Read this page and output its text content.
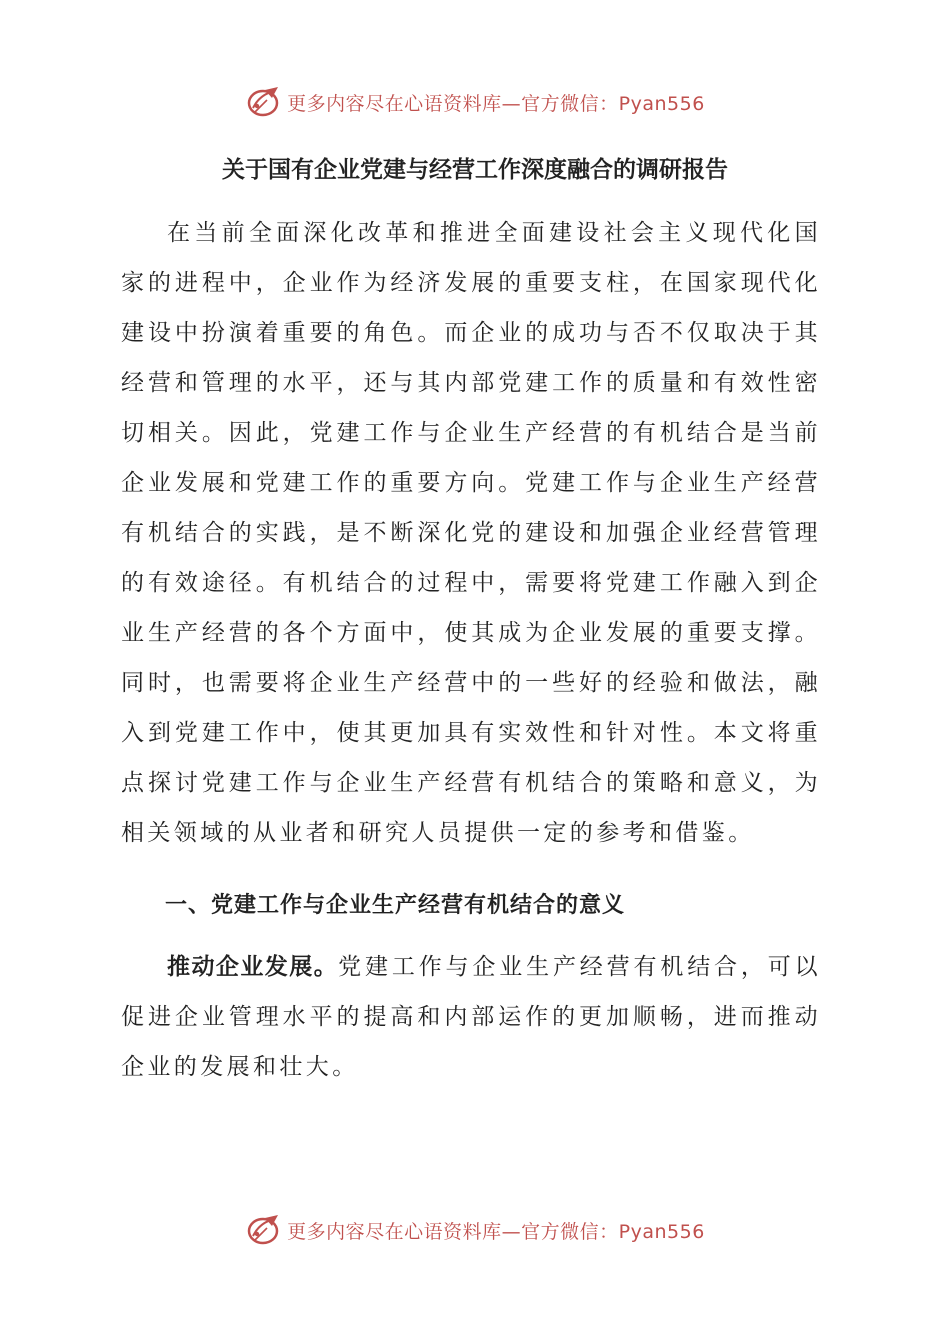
更多内容尽在心语资料库—官方微信：Pyan556
关于国有企业党建与经营工作深度融合的调研报告

在当前全面深化改革和推进全面建设社会主义现代化国家的进程中，企业作为经济发展的重要支柱，在国家现代化建设中扮演着重要的角色。而企业的成功与否不仅取决于其经营和管理的水平，还与其内部党建工作的质量和有效性密切相关。因此，党建工作与企业生产经营的有机结合是当前企业发展和党建工作的重要方向。党建工作与企业生产经营有机结合的实践，是不断深化党的建设和加强企业经营管理的有效途径。有机结合的过程中，需要将党建工作融入到企业生产经营的各个方面中，使其成为企业发展的重要支撑。同时，也需要将企业生产经营中的一些好的经验和做法，融入到党建工作中，使其更加具有实效性和针对性。本文将重点探讨党建工作与企业生产经营有机结合的策略和意义，为相关领域的从业者和研究人员提供一定的参考和借鉴。

一、党建工作与企业生产经营有机结合的意义

推动企业发展。党建工作与企业生产经营有机结合，可以促进企业管理水平的提高和内部运作的更加顺畅，进而推动企业的发展和壮大。

更多内容尽在心语资料库—官方微信：Pyan556
